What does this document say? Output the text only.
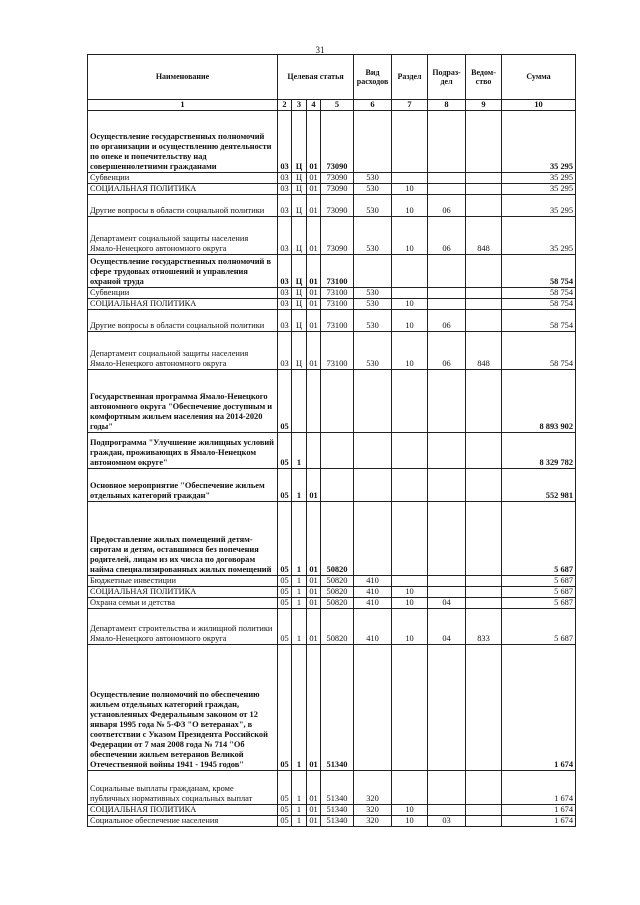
31
Наименование	Целевая статья				Вид расходов	Раздел	Подраз-дел	Ведом-ство	Сумма
1	2	3	4	5	6	7	8	9	10
Осуществление государственных полномочий по организации и осуществлению деятельности по опеке и попечительству над совершеннолетними гражданами	03	Ц	01	73090					35 295
Субвенции	03	Ц	01	73090	530				35 295
СОЦИАЛЬНАЯ ПОЛИТИКА	03	Ц	01	73090	530	10			35 295
Другие вопросы в области социальной политики	03	Ц	01	73090	530	10	06		35 295
Департамент социальной защиты населения Ямало-Ненецкого автономного округа	03	Ц	01	73090	530	10	06	848	35 295
Осуществление государственных полномочий в сфере трудовых отношений и управления охраной труда	03	Ц	01	73100					58 754
Субвенции	03	Ц	01	73100	530				58 754
СОЦИАЛЬНАЯ ПОЛИТИКА	03	Ц	01	73100	530	10			58 754
Другие вопросы в области социальной политики	03	Ц	01	73100	530	10	06		58 754
Департамент социальной защиты населения Ямало-Ненецкого автономного округа	03	Ц	01	73100	530	10	06	848	58 754
Государственная программа Ямало-Ненецкого автономного округа "Обеспечение доступным и комфортным жильем населения на 2014-2020 годы"	05								8 893 902
Подпрограмма "Улучшение жилищных условий граждан, проживающих в Ямало-Ненецком автономном округе"	05	1							8 329 782
Основное мероприятие "Обеспечение жильем отдельных категорий граждан"	05	1	01						552 981
Предоставление жилых помещений детям-сиротам и детям, оставшимся без попечения родителей, лицам из их числа по договорам найма специализированных жилых помещений	05	1	01	50820					5 687
Бюджетные инвестиции	05	1	01	50820	410				5 687
СОЦИАЛЬНАЯ ПОЛИТИКА	05	1	01	50820	410	10			5 687
Охрана семьи и детства	05	1	01	50820	410	10	04		5 687
Департамент строительства и жилищной политики Ямало-Ненецкого автономного округа	05	1	01	50820	410	10	04	833	5 687
Осуществление полномочий по обеспечению жильем отдельных категорий граждан, установленных Федеральным законом от 12 января 1995 года № 5-ФЗ "О ветеранах", в соответствии с Указом Президента Российской Федерации от 7 мая 2008 года № 714 "Об обеспечении жильем ветеранов Великой Отечественной войны 1941 - 1945 годов"	05	1	01	51340					1 674
Социальные выплаты гражданам, кроме публичных нормативных социальных выплат	05	1	01	51340	320				1 674
СОЦИАЛЬНАЯ ПОЛИТИКА	05	1	01	51340	320	10			1 674
Социальное обеспечение населения	05	1	01	51340	320	10	03		1 674
